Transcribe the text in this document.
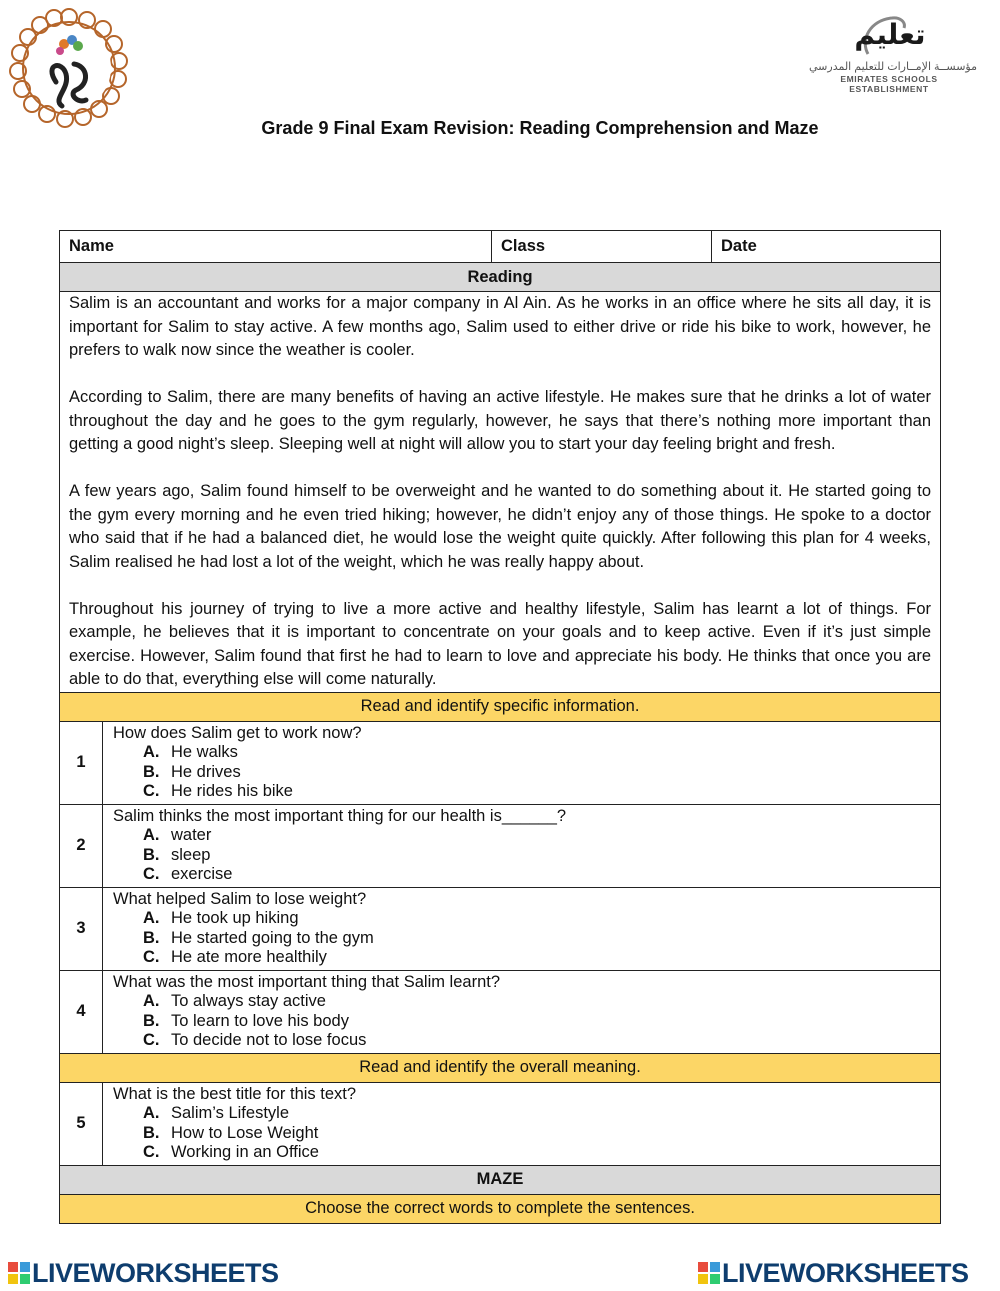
تعليم
مؤسســة الإمــارات للتعليم المدرسي
EMIRATES SCHOOLS ESTABLISHMENT
Grade 9 Final Exam Revision: Reading Comprehension and Maze
Name		Class	Date
Reading			

Salim is an accountant and works for a major company in Al Ain. As he works in an office where he sits all day, it is important for Salim to stay active. A few months ago, Salim used to either drive or ride his bike to work, however, he prefers to walk now since the weather is cooler.

According to Salim, there are many benefits of having an active lifestyle. He makes sure that he drinks a lot of water throughout the day and he goes to the gym regularly, however, he says that there’s nothing more important than getting a good night’s sleep. Sleeping well at night will allow you to start your day feeling bright and fresh.

A few years ago, Salim found himself to be overweight and he wanted to do something about it. He started going to the gym every morning and he even tried hiking; however, he didn’t enjoy any of those things. He spoke to a doctor who said that if he had a balanced diet, he would lose the weight quite quickly. After following this plan for 4 weeks, Salim realised he had lost a lot of the weight, which he was really happy about.

Throughout his journey of trying to live a more active and healthy lifestyle, Salim has learnt a lot of things. For example, he believes that it is important to concentrate on your goals and to keep active. Even if it’s just simple exercise. However, Salim found that first he had to learn to love and appreciate his body. He thinks that once you are able to do that, everything else will come naturally.			

Read and identify specific information.			
1	How does Salim get to work now?
A. He walks
B. He drives
C. He rides his bike		

2	Salim thinks the most important thing for our health is______?
A. water
B. sleep
C. exercise		

3	What helped Salim to lose weight?
A. He took up hiking
B. He started going to the gym
C. He ate more healthily		

4	What was the most important thing that Salim learnt?
A. To always stay active
B. To learn to love his body
C. To decide not to lose focus		

Read and identify the overall meaning.			
5	What is the best title for this text?
A. Salim’s Lifestyle
B. How to Lose Weight
C. Working in an Office		

MAZE			
Choose the correct words to complete the sentences.			
LIVEWORKSHEETS	LIVEWORKSHEETS
